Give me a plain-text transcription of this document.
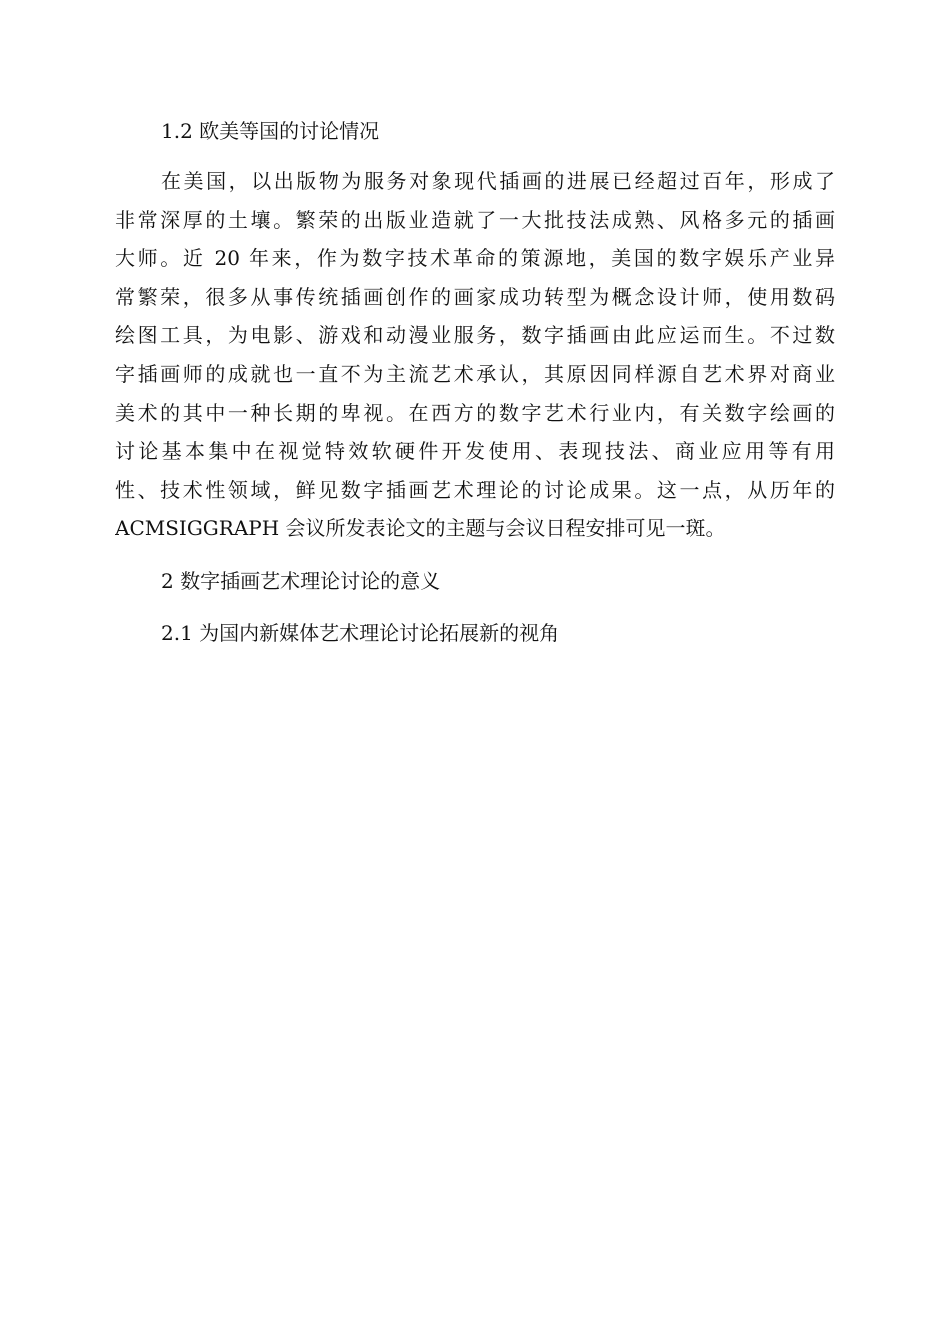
1.2 欧美等国的讨论情况
在美国，以出版物为服务对象现代插画的进展已经超过百年，形成了
非常深厚的土壤。繁荣的出版业造就了一大批技法成熟、风格多元的插画
大师。近 20 年来，作为数字技术革命的策源地，美国的数字娱乐产业异
常繁荣，很多从事传统插画创作的画家成功转型为概念设计师，使用数码
绘图工具，为电影、游戏和动漫业服务，数字插画由此应运而生。不过数
字插画师的成就也一直不为主流艺术承认，其原因同样源自艺术界对商业
美术的其中一种长期的卑视。在西方的数字艺术行业内，有关数字绘画的
讨论基本集中在视觉特效软硬件开发使用、表现技法、商业应用等有用
性、技术性领域，鲜见数字插画艺术理论的讨论成果。这一点，从历年的
ACMSIGGRAPH 会议所发表论文的主题与会议日程安排可见一斑。
2 数字插画艺术理论讨论的意义
2.1 为国内新媒体艺术理论讨论拓展新的视角
